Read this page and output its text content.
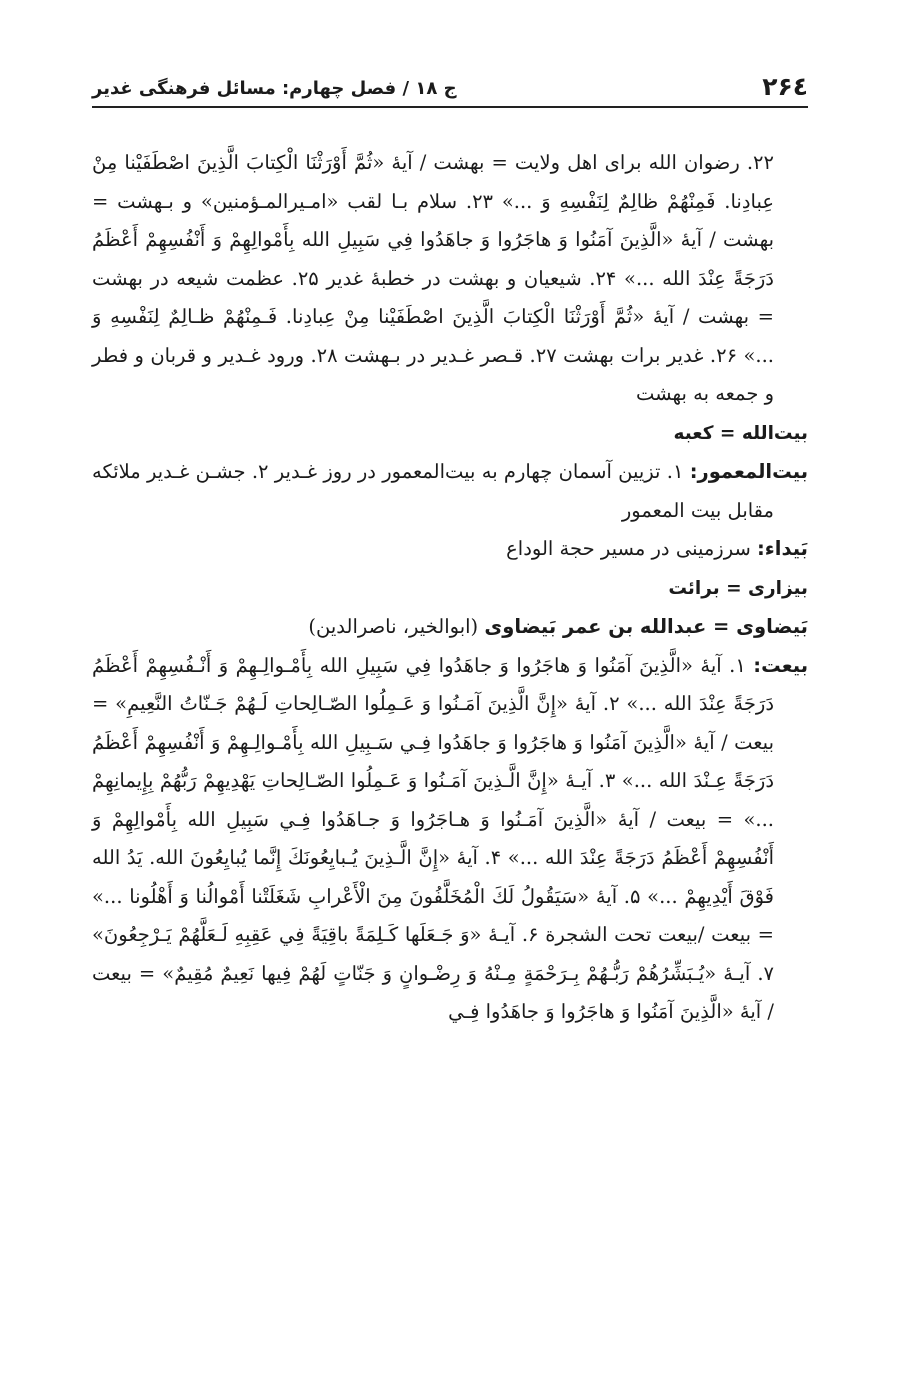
۲۶٤
ج ۱۸ / فصل چهارم: مسائل فرهنگی غدیر

۲۲. رضوان الله برای اهل ولایت = بهشت / آیهٔ «ثُمَّ أَوْرَثْنَا الْكِتابَ الَّذِينَ اصْطَفَيْنا مِنْ عِبادِنا. فَمِنْهُمْ ظالِمٌ لِنَفْسِهِ وَ ...» ۲۳. سلام بـا لقب «امـیرالمـؤمنین» و بـهشت = بهشت / آیهٔ «الَّذِينَ آمَنُوا وَ هاجَرُوا وَ جاهَدُوا فِي سَبِيلِ الله بِأَمْوالِهِمْ وَ أَنْفُسِهِمْ أَعْظَمُ دَرَجَةً عِنْدَ الله ...» ۲۴. شیعیان و بهشت در خطبهٔ غدیر ۲۵. عظمت شیعه در بهشت = بهشت / آیهٔ «ثُمَّ أَوْرَثْنَا الْكِتابَ الَّذِينَ اصْطَفَيْنا مِنْ عِبادِنا. فَـمِنْهُمْ ظـالِمٌ لِنَفْسِهِ وَ ...» ۲۶. غدیر برات بهشت ۲۷. قـصر غـدیر در بـهشت ۲۸. ورود غـدیر و قربان و فطر و جمعه به بهشت

بیت‌الله = کعبه

بیت‌المعمور: ۱. تزیین آسمان چهارم به بیت‌المعمور در روز غـدیر ۲. جشـن غـدیر ملائکه مقابل بیت المعمور

بَیداء: سرزمینی در مسیر حجة الوداع

بیزاری = برائت

بَیضاوی = عبدالله بن عمر بَیضاوی (ابوالخیر، ناصرالدین)

بیعت: ۱. آیهٔ «الَّذِينَ آمَنُوا وَ هاجَرُوا وَ جاهَدُوا فِي سَبِيلِ الله بِأَمْـوالِـهِمْ وَ أَنْـفُسِهِمْ أَعْظَمُ دَرَجَةً عِنْدَ الله ...» ۲. آیهٔ «إِنَّ الَّذِينَ آمَـنُوا وَ عَـمِلُوا الصّـالِحاتِ لَـهُمْ جَـنّاتُ النَّعِيمِ» = بیعت / آیهٔ «الَّذِينَ آمَنُوا وَ هاجَرُوا وَ جاهَدُوا فِـي سَـبِيلِ الله بِأَمْـوالِـهِمْ وَ أَنْفُسِهِمْ أَعْظَمُ دَرَجَةً عِـنْدَ الله ...» ۳. آیـهٔ «إِنَّ الَّـذِينَ آمَـنُوا وَ عَـمِلُوا الصّـالِحاتِ يَهْدِيهِمْ رَبُّهُمْ بِإِيمانِهِمْ ...» = بیعت / آیهٔ «الَّذِينَ آمَـنُوا وَ هـاجَرُوا وَ جـاهَدُوا فِـي سَبِيلِ الله بِأَمْوالِهِمْ وَ أَنْفُسِهِمْ أَعْظَمُ دَرَجَةً عِنْدَ الله ...» ۴. آیهٔ «إِنَّ الَّـذِينَ يُـبايِعُونَكَ إِنَّما يُبايِعُونَ الله. يَدُ الله فَوْقَ أَيْدِيهِمْ ...» ۵. آیهٔ «سَيَقُولُ لَكَ الْمُخَلَّفُونَ مِنَ الْأَعْرابِ شَغَلَتْنا أَمْوالُنا وَ أَهْلُونا ...» = بیعت /بیعت تحت الشجرة ۶. آیـهٔ «وَ جَـعَلَها کَـلِمَةً باقِيَةً فِي عَقِبِهِ لَـعَلَّهُمْ يَـرْجِعُونَ» ۷. آیـهٔ «يُـبَشِّرُهُمْ رَبُّـهُمْ بِـرَحْمَةٍ مِـنْهُ وَ رِضْـوانٍ وَ جَنّاتٍ لَهُمْ فِيها نَعِيمٌ مُقِيمٌ» = بیعت / آیهٔ «الَّذِينَ آمَنُوا وَ هاجَرُوا وَ جاهَدُوا فِـي
